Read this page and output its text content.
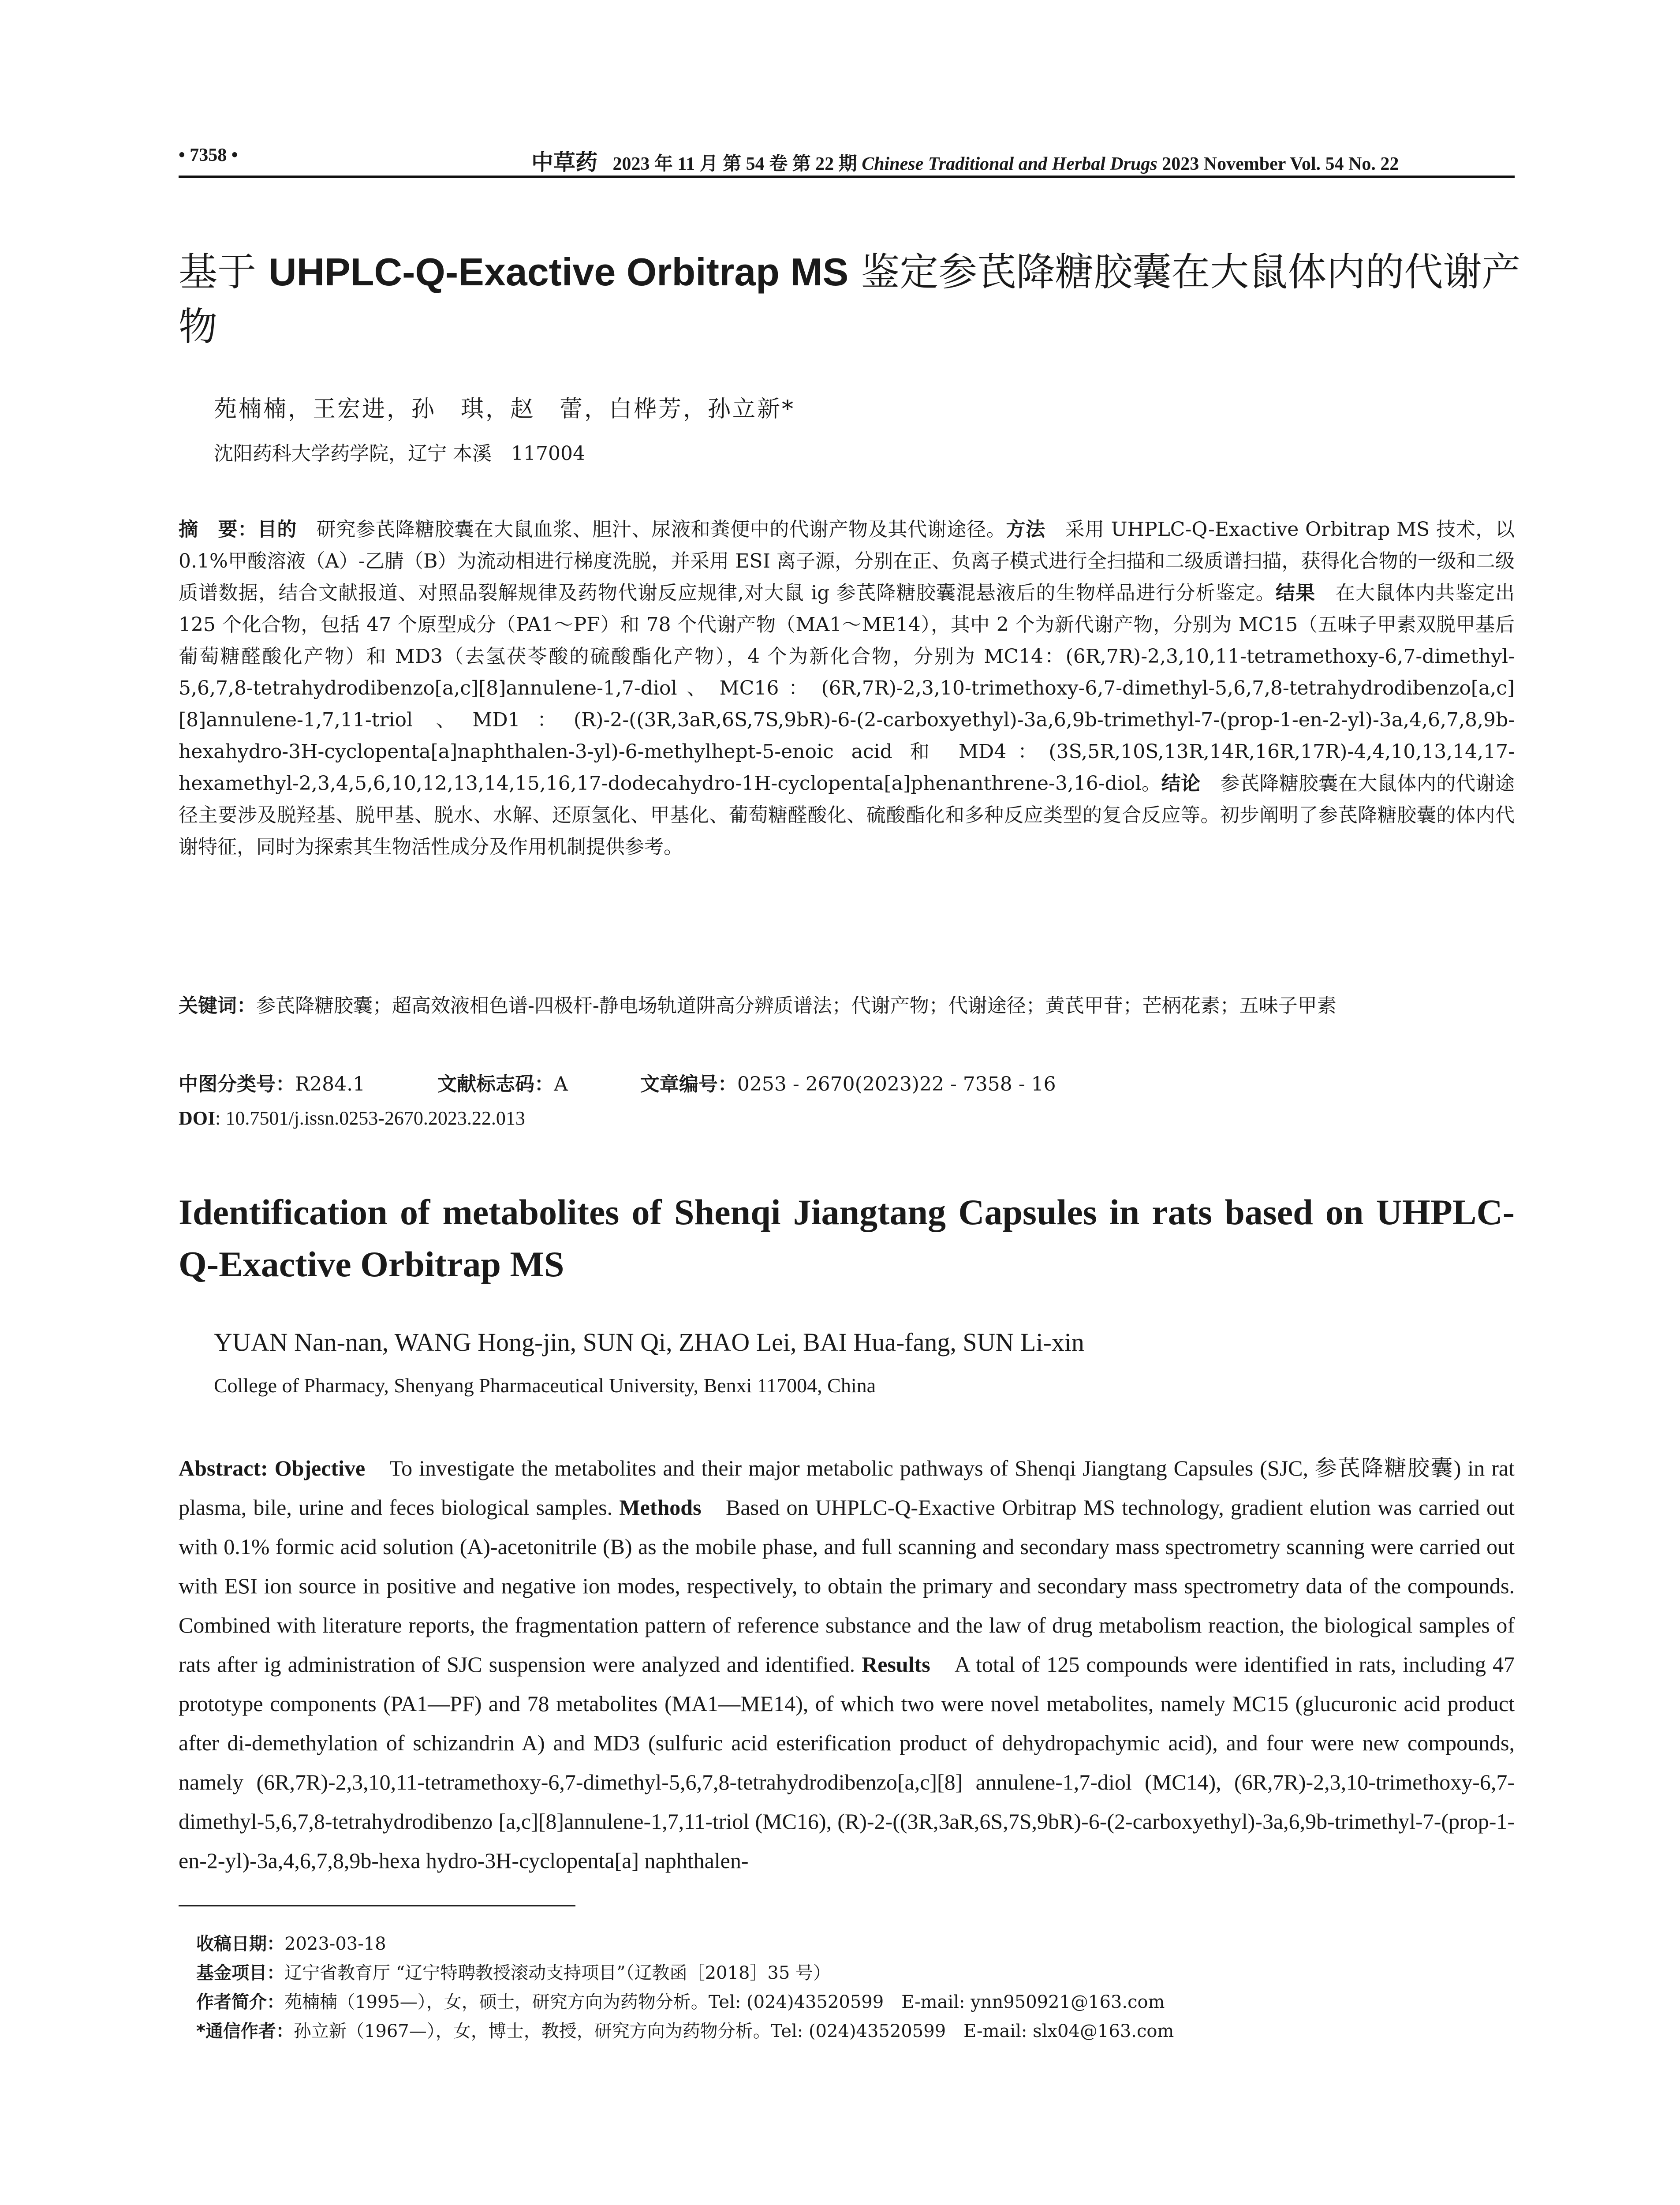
• 7358 •	中草药 2023 年 11 月 第 54 卷 第 22 期 Chinese Traditional and Herbal Drugs 2023 November Vol. 54 No. 22
基于 UHPLC-Q-Exactive Orbitrap MS 鉴定参芪降糖胶囊在大鼠体内的代谢产物
苑楠楠，王宏进，孙　琪，赵　蕾，白桦芳，孙立新*
沈阳药科大学药学院，辽宁 本溪　117004
摘　要：目的　研究参芪降糖胶囊在大鼠血浆、胆汁、尿液和粪便中的代谢产物及其代谢途径。方法　采用 UHPLC-Q-Exactive Orbitrap MS 技术，以 0.1%甲酸溶液（A）-乙腈（B）为流动相进行梯度洗脱，并采用 ESI 离子源，分别在正、负离子模式进行全扫描和二级质谱扫描，获得化合物的一级和二级质谱数据，结合文献报道、对照品裂解规律及药物代谢反应规律,对大鼠 ig 参芪降糖胶囊混悬液后的生物样品进行分析鉴定。结果　在大鼠体内共鉴定出 125 个化合物，包括 47 个原型成分（PA1～PF）和 78 个代谢产物（MA1～ME14），其中 2 个为新代谢产物，分别为 MC15（五味子甲素双脱甲基后葡萄糖醛酸化产物）和 MD3（去氢茯苓酸的硫酸酯化产物），4 个为新化合物，分别为 MC14：(6R,7R)-2,3,10,11-tetramethoxy-6,7-dimethyl-5,6,7,8-tetrahydrodibenzo[a,c][8]annulene-1,7-diol 、 MC16 ： (6R,7R)-2,3,10-trimethoxy-6,7-dimethyl-5,6,7,8-tetrahydrodibenzo[a,c][8]annulene-1,7,11-triol 、MD1：(R)-2-((3R,3aR,6S,7S,9bR)-6-(2-carboxyethyl)-3a,6,9b-trimethyl-7-(prop-1-en-2-yl)-3a,4,6,7,8,9b-hexahydro-3H-cyclopenta[a]naphthalen-3-yl)-6-methylhept-5-enoic acid 和 MD4：(3S,5R,10S,13R,14R,16R,17R)-4,4,10,13,14,17-hexamethyl-2,3,4,5,6,10,12,13,14,15,16,17-dodecahydro-1H-cyclopenta[a]phenanthrene-3,16-diol。结论　参芪降糖胶囊在大鼠体内的代谢途径主要涉及脱羟基、脱甲基、脱水、水解、还原氢化、甲基化、葡萄糖醛酸化、硫酸酯化和多种反应类型的复合反应等。初步阐明了参芪降糖胶囊的体内代谢特征，同时为探索其生物活性成分及作用机制提供参考。
关键词：参芪降糖胶囊；超高效液相色谱-四极杆-静电场轨道阱高分辨质谱法；代谢产物；代谢途径；黄芪甲苷；芒柄花素；五味子甲素
中图分类号：R284.1	文献标志码：A	文章编号：0253 - 2670(2023)22 - 7358 - 16
DOI: 10.7501/j.issn.0253-2670.2023.22.013
Identification of metabolites of Shenqi Jiangtang Capsules in rats based on UHPLC-Q-Exactive Orbitrap MS
YUAN Nan-nan, WANG Hong-jin, SUN Qi, ZHAO Lei, BAI Hua-fang, SUN Li-xin
College of Pharmacy, Shenyang Pharmaceutical University, Benxi 117004, China
Abstract: Objective　To investigate the metabolites and their major metabolic pathways of Shenqi Jiangtang Capsules (SJC, 参芪降糖胶囊) in rat plasma, bile, urine and feces biological samples. Methods　Based on UHPLC-Q-Exactive Orbitrap MS technology, gradient elution was carried out with 0.1% formic acid solution (A)-acetonitrile (B) as the mobile phase, and full scanning and secondary mass spectrometry scanning were carried out with ESI ion source in positive and negative ion modes, respectively, to obtain the primary and secondary mass spectrometry data of the compounds. Combined with literature reports, the fragmentation pattern of reference substance and the law of drug metabolism reaction, the biological samples of rats after ig administration of SJC suspension were analyzed and identified. Results　A total of 125 compounds were identified in rats, including 47 prototype components (PA1—PF) and 78 metabolites (MA1—ME14), of which two were novel metabolites, namely MC15 (glucuronic acid product after di-demethylation of schizandrin A) and MD3 (sulfuric acid esterification product of dehydropachymic acid), and four were new compounds, namely (6R,7R)-2,3,10,11-tetramethoxy-6,7-dimethyl-5,6,7,8-tetrahydrodibenzo[a,c][8] annulene-1,7-diol (MC14), (6R,7R)-2,3,10-trimethoxy-6,7-dimethyl-5,6,7,8-tetrahydrodibenzo [a,c][8]annulene-1,7,11-triol (MC16), (R)-2-((3R,3aR,6S,7S,9bR)-6-(2-carboxyethyl)-3a,6,9b-trimethyl-7-(prop-1-en-2-yl)-3a,4,6,7,8,9b-hexa hydro-3H-cyclopenta[a] naphthalen-

收稿日期：2023-03-18

基金项目：辽宁省教育厅 “辽宁特聘教授滚动支持项目”（辽教函［2018］35 号）

作者简介：苑楠楠（1995—），女，硕士，研究方向为药物分析。Tel: (024)43520599　E-mail: ynn950921@163.com

*通信作者：孙立新（1967—），女，博士，教授，研究方向为药物分析。Tel: (024)43520599　E-mail: slx04@163.com
